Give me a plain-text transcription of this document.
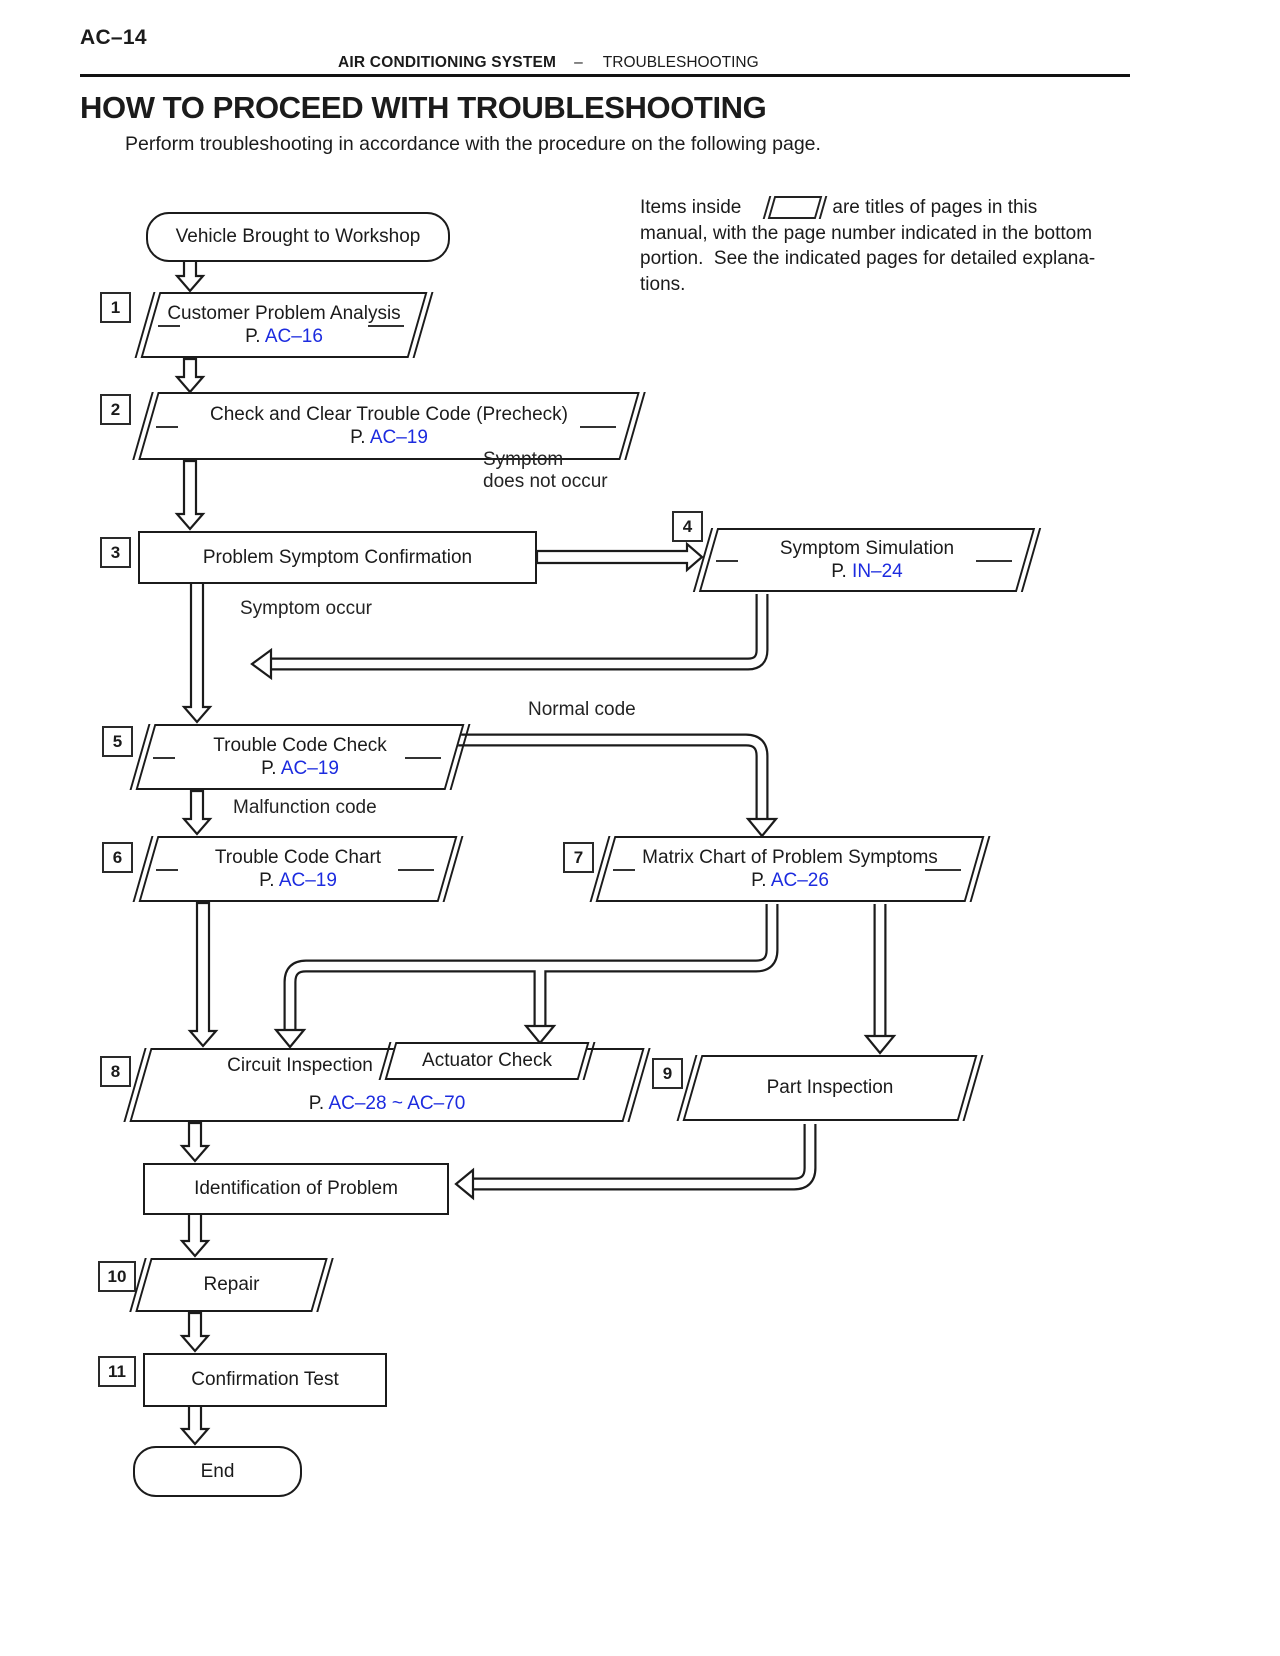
AC–14
AIR CONDITIONING SYSTEM – TROUBLESHOOTING
HOW TO PROCEED WITH TROUBLESHOOTING
Perform troubleshooting in accordance with the procedure on the following page.
Items inside	are titles of pages in this
manual, with the page number indicated in the bottom
portion.  See the indicated pages for detailed explana-
tions.
Vehicle Brought to Workshop
1	Customer Problem Analysis
P. AC–16
2	Check and Clear Trouble Code (Precheck)
P. AC–19
Symptom
does not occur
3	Problem Symptom Confirmation
4
Symptom Simulation
P. IN–24
Symptom occur
Normal code
5	Trouble Code Check
P. AC–19
Malfunction code
6	Trouble Code Chart
P. AC–19
7	Matrix Chart of Problem Symptoms
P. AC–26
8	Circuit Inspection	Actuator Check
P. AC–28 ~ AC–70
9
Part Inspection
Identification of Problem
10	Repair
11	Confirmation Test
End
